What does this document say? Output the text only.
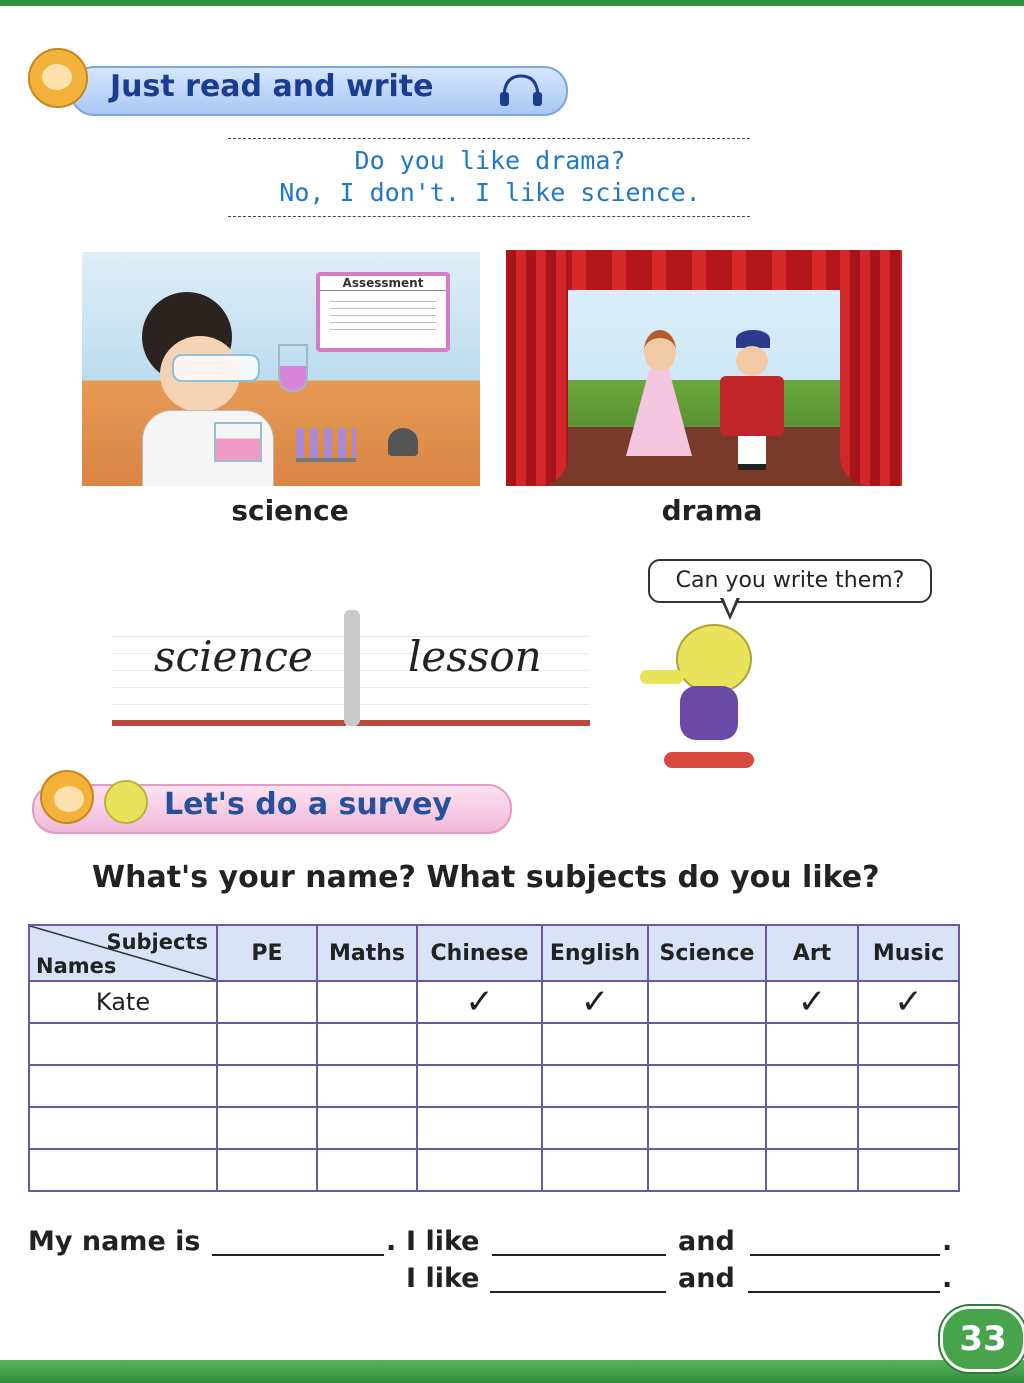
Just read and write
Do you like drama?
No, I don't. I like science.
Assessment
science	drama
Can you write them?
science lesson
Let's do a survey
What's your name? What subjects do you like?
Subjects
Names	PE	Maths	Chinese	English	Science	Art	Music
Kate			✓	✓		✓	✓

My name is	. I like	and	.
I like	and	.
33
